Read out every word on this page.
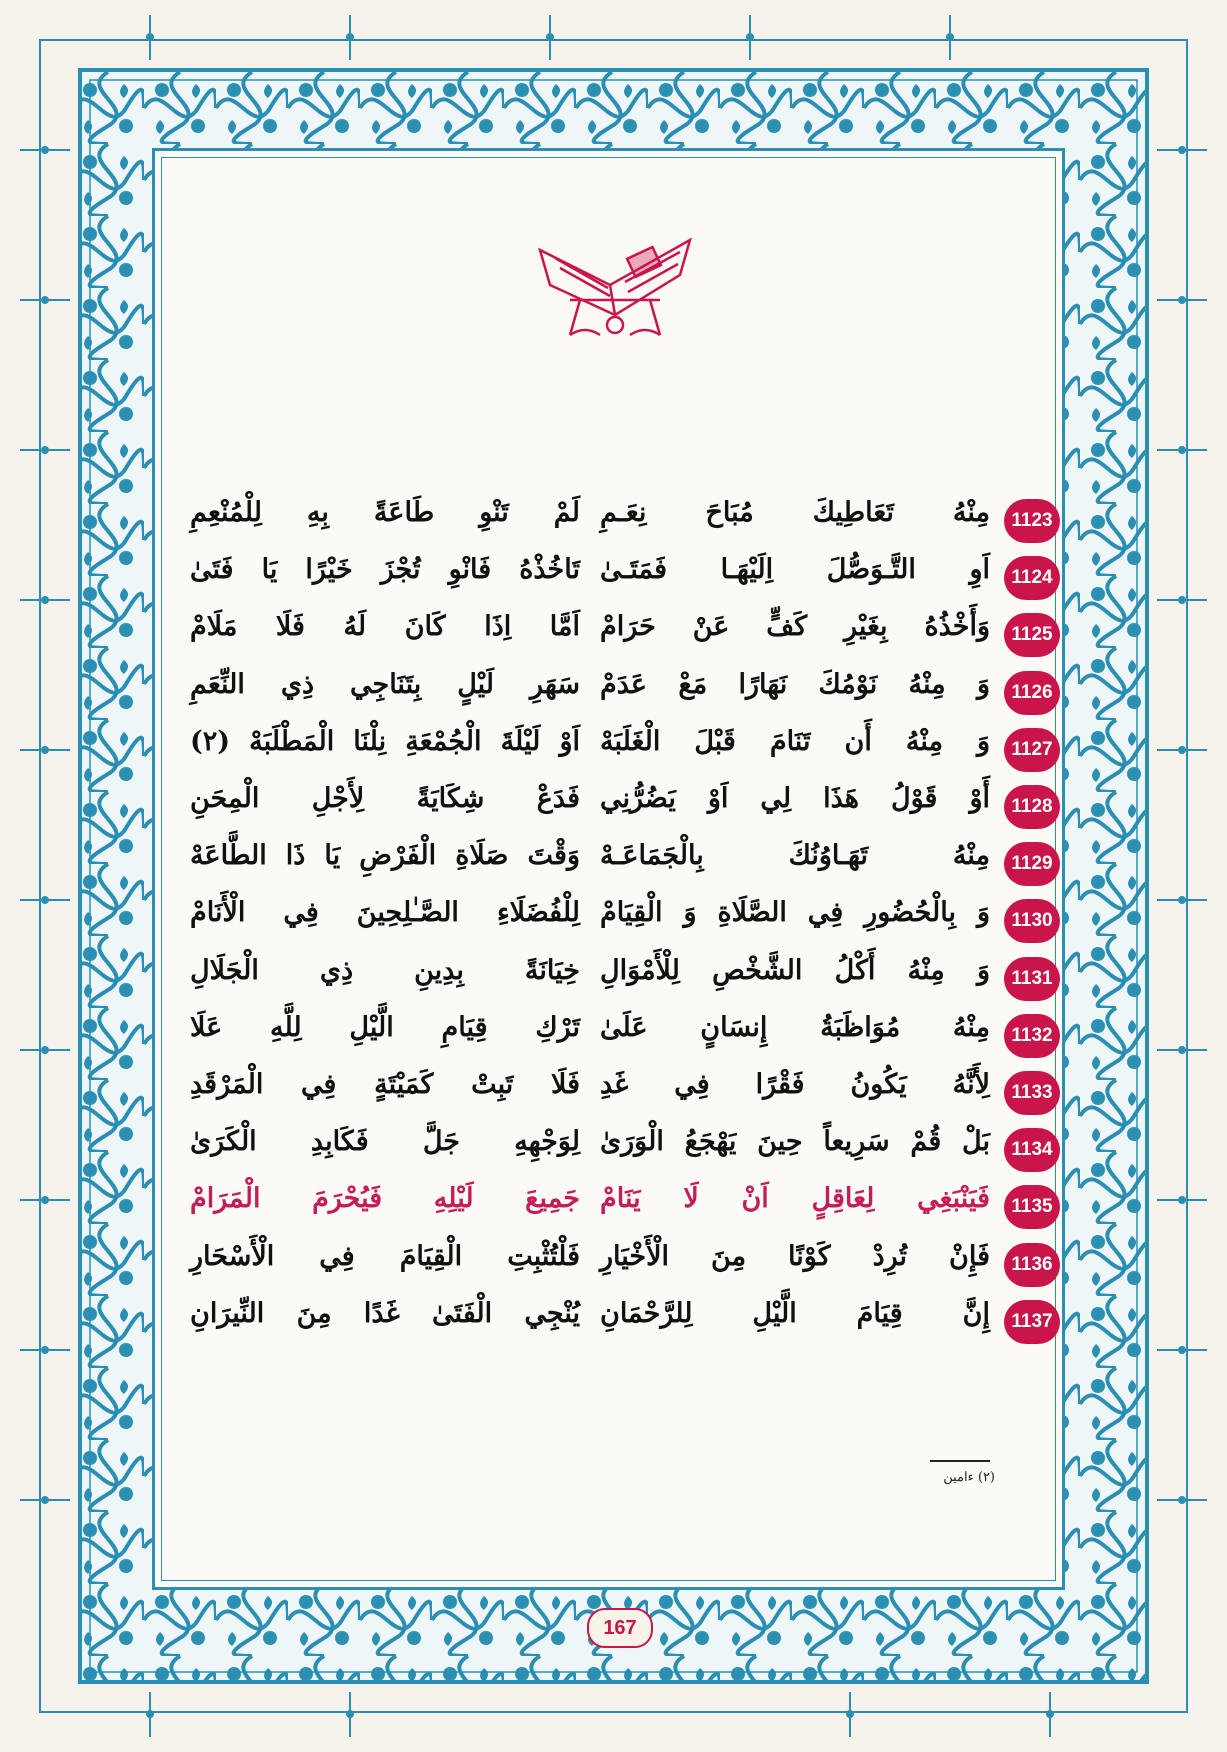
1123
مِنْهُ تَعَاطِيكَ مُبَاحَ نِعَـمِ
لَمْ تَنْوِ طَاعَةً بِهِ لِلْمُنْعِمِ
1124
اَوِ التَّـوَصُّلَ اِلَيْهَـا فَمَتَـىٰ
تَاخُذْهُ فَانْوِ تُجْزَ خَيْرًا يَا فَتَىٰ
1125
وَأَخْذُهُ بِغَيْرِ كَفٍّ عَنْ حَرَامْ
اَمَّا اِذَا كَانَ لَهُ فَلَا مَلَامْ
1126
وَ مِنْهُ نَوْمُكَ نَهَارًا مَعْ عَدَمْ
سَهَرِ لَيْلٍ بِتَنَاجِي ذِي النِّعَمِ
1127
وَ مِنْهُ أَن تَنَامَ قَبْلَ الْغَلَبَهْ
اَوْ لَيْلَةَ الْجُمْعَةِ نِلْنَا الْمَطْلَبَهْ (٢)
1128
أَوْ قَوْلُ هَذَا لِي اَوْ يَضُرُّنِي
فَدَعْ شِكَايَةً لِأَجْلِ الْمِحَنِ
1129
مِنْهُ تَهَـاوُنُكَ بِالْجَمَاعَـهْ
وَقْتَ صَلَاةِ الْفَرْضِ يَا ذَا الطَّاعَهْ
1130
وَ بِالْحُضُورِ فِي الصَّلَاةِ وَ الْقِيَامْ
لِلْفُضَلَاءِ الصَّـٰلِحِينَ فِي الْأَنَامْ
1131
وَ مِنْهُ أَكْلُ الشَّخْصِ لِلْأَمْوَالِ
خِيَانَةً بِدِينِ ذِي الْجَلَالِ
1132
مِنْهُ مُوَاظَبَةُ إِنسَانٍ عَلَىٰ
تَرْكِ قِيَامِ الَّيْلِ لِلَّهِ عَلَا
1133
لِأَنَّهُ يَكُونُ فَقْرًا فِي غَدِ
فَلَا تَبِتْ كَمَيْتَةٍ فِي الْمَرْقَدِ
1134
بَلْ قُمْ سَرِيعاً حِينَ يَهْجَعُ الْوَرَىٰ
لِوَجْهِهِ جَلَّ فَكَابِدِ الْكَرَىٰ
1135
فَيَنْبَغِي لِعَاقِلٍ اَنْ لَا يَنَامْ
جَمِيعَ لَيْلِهِ فَيُحْرَمَ الْمَرَامْ
1136
فَإِنْ تُرِدْ كَوْنًا مِنَ الْأَخْيَارِ
فَلْتُثْبِتِ الْقِيَامَ فِي الْأَسْحَارِ
1137
إِنَّ قِيَامَ الَّيْلِ لِلرَّحْمَانِ
يُنْجِي الْفَتَىٰ غَدًا مِنَ النِّيرَانِ
(٢) ءامين
167
